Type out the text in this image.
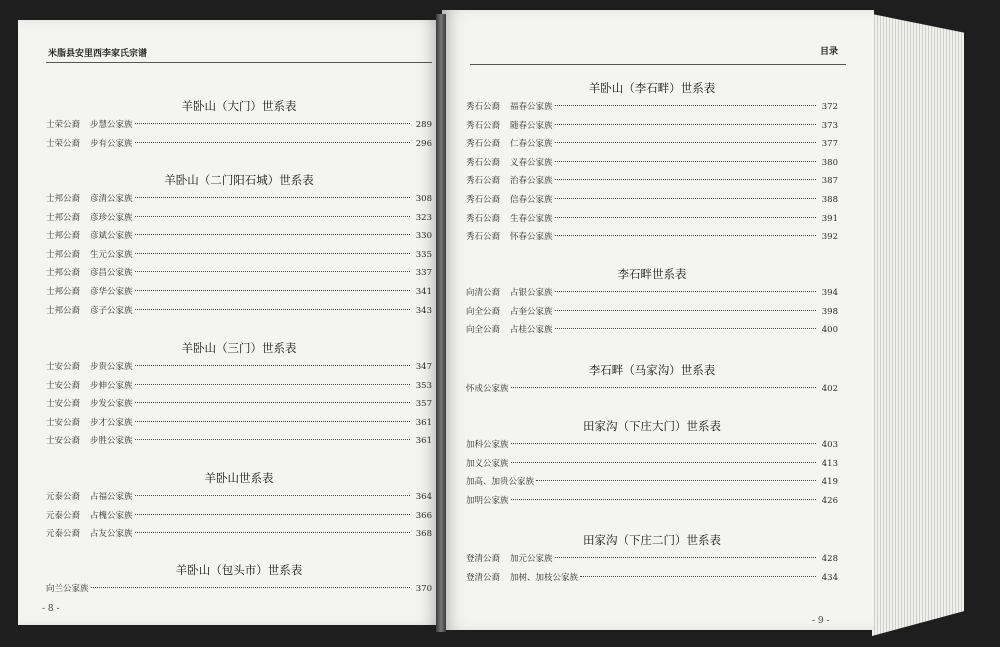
米脂县安里西李家氏宗谱
羊卧山（大门）世系表
士荣公裔	步慧公家族	289
士荣公裔	步有公家族	296
羊卧山（二门阳石城）世系表
士邦公裔	彦清公家族	308
士邦公裔	彦珍公家族	323
士邦公裔	彦斌公家族	330
士邦公裔	生元公家族	335
士邦公裔	彦昌公家族	337
士邦公裔	彦华公家族	341
士邦公裔	彦子公家族	343
羊卧山（三门）世系表
士安公裔	步贵公家族	347
士安公裔	步伸公家族	353
士安公裔	步发公家族	357
士安公裔	步才公家族	361
士安公裔	步胜公家族	361
羊卧山世系表
元泰公裔	占福公家族	364
元泰公裔	占槐公家族	366
元泰公裔	占友公家族	368
羊卧山（包头市）世系表
向兰公家族	370
- 8 -
目录
羊卧山（李石畔）世系表
秀石公裔	福春公家族	372
秀石公裔	随春公家族	373
秀石公裔	仁春公家族	377
秀石公裔	义春公家族	380
秀石公裔	治春公家族	387
秀石公裔	信春公家族	388
秀石公裔	生春公家族	391
秀石公裔	怀春公家族	392
李石畔世系表
向清公裔	占银公家族	394
向全公裔	占奎公家族	398
向全公裔	占桂公家族	400
李石畔（马家沟）世系表
怀成公家族	402
田家沟（下庄大门）世系表
加科公家族	403
加义公家族	413
加高、加贵公家族	419
加明公家族	426
田家沟（下庄二门）世系表
登清公裔	加元公家族	428
登清公裔	加树、加枝公家族	434
- 9 -
